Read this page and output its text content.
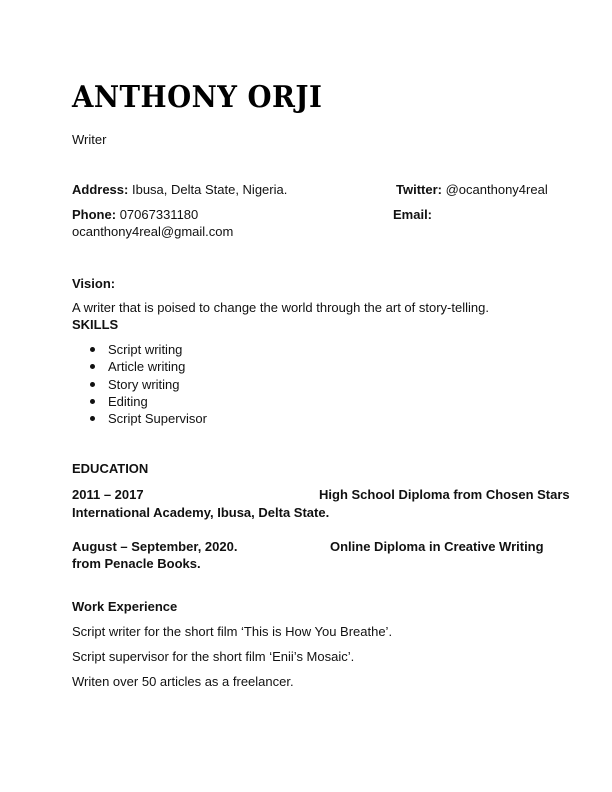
ANTHONY ORJI
Writer
Address: Ibusa, Delta State, Nigeria.	Twitter: @ocanthony4real
Phone: 07067331180	Email:
ocanthony4real@gmail.com
Vision:
A writer that is poised to change the world through the art of story-telling.
SKILLS
Script writing
Article writing
Story writing
Editing
Script Supervisor
EDUCATION
2011 – 2017	High School Diploma from Chosen Stars
International Academy, Ibusa, Delta State.
August – September, 2020.	Online Diploma in Creative Writing
from Penacle Books.
Work Experience
Script writer for the short film ‘This is How You Breathe’.
Script supervisor for the short film ‘Enii’s Mosaic’.
Writen over 50 articles as a freelancer.
